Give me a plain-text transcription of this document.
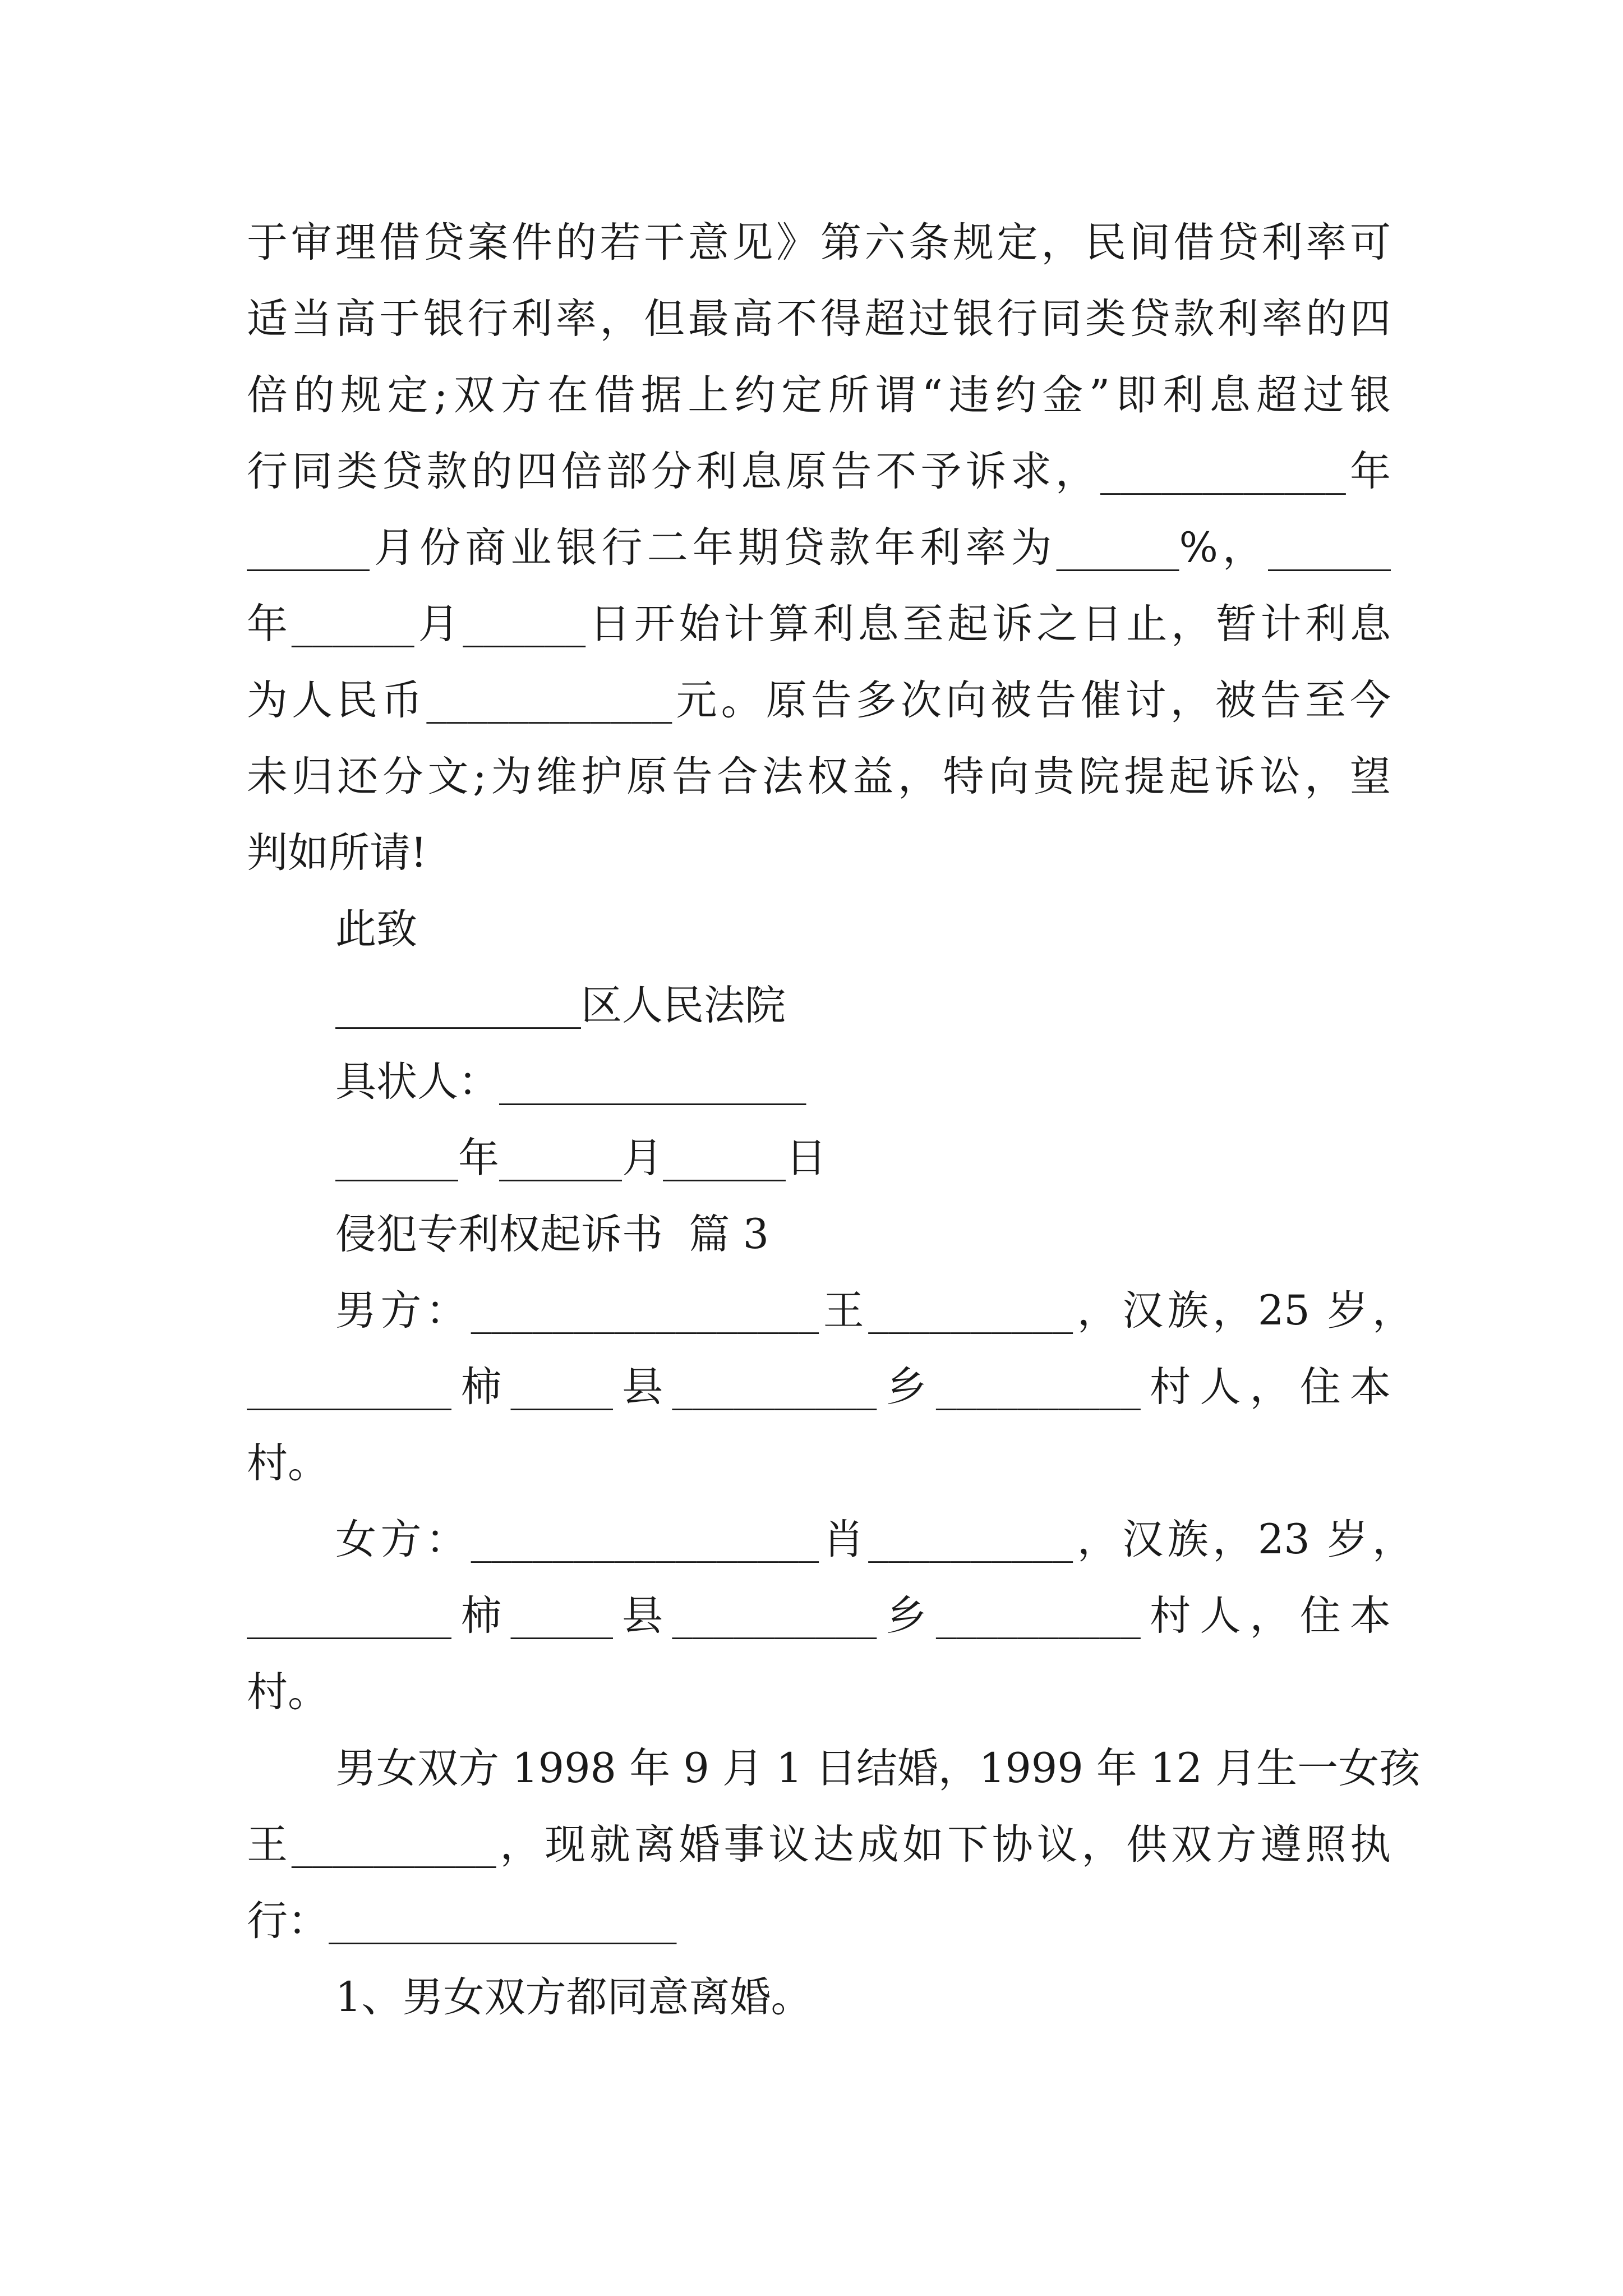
于审理借贷案件的若干意见》第六条规定，民间借贷利率可
适当高于银行利率，但最高不得超过银行同类贷款利率的四
倍的规定;双方在借据上约定所谓“违约金”即利息超过银
行同类贷款的四倍部分利息原告不予诉求，____________年
______月份商业银行二年期贷款年利率为______%，______
年______月______日开始计算利息至起诉之日止，暂计利息
为人民币____________元。原告多次向被告催讨，被告至今
未归还分文;为维护原告合法权益，特向贵院提起诉讼，望
判如所请!
此致
____________区人民法院
具状人：_______________
______年______月______日
侵犯专利权起诉书  篇 3
男方：_________________王__________，汉族，25 岁，
__________柿_____县__________乡__________村人，住本
村。
女方：_________________肖__________，汉族，23 岁，
__________柿_____县__________乡__________村人，住本
村。
男女双方 1998 年 9 月 1 日结婚，1999 年 12 月生一女孩
王__________，现就离婚事议达成如下协议，供双方遵照执
行：_________________
1、男女双方都同意离婚。
